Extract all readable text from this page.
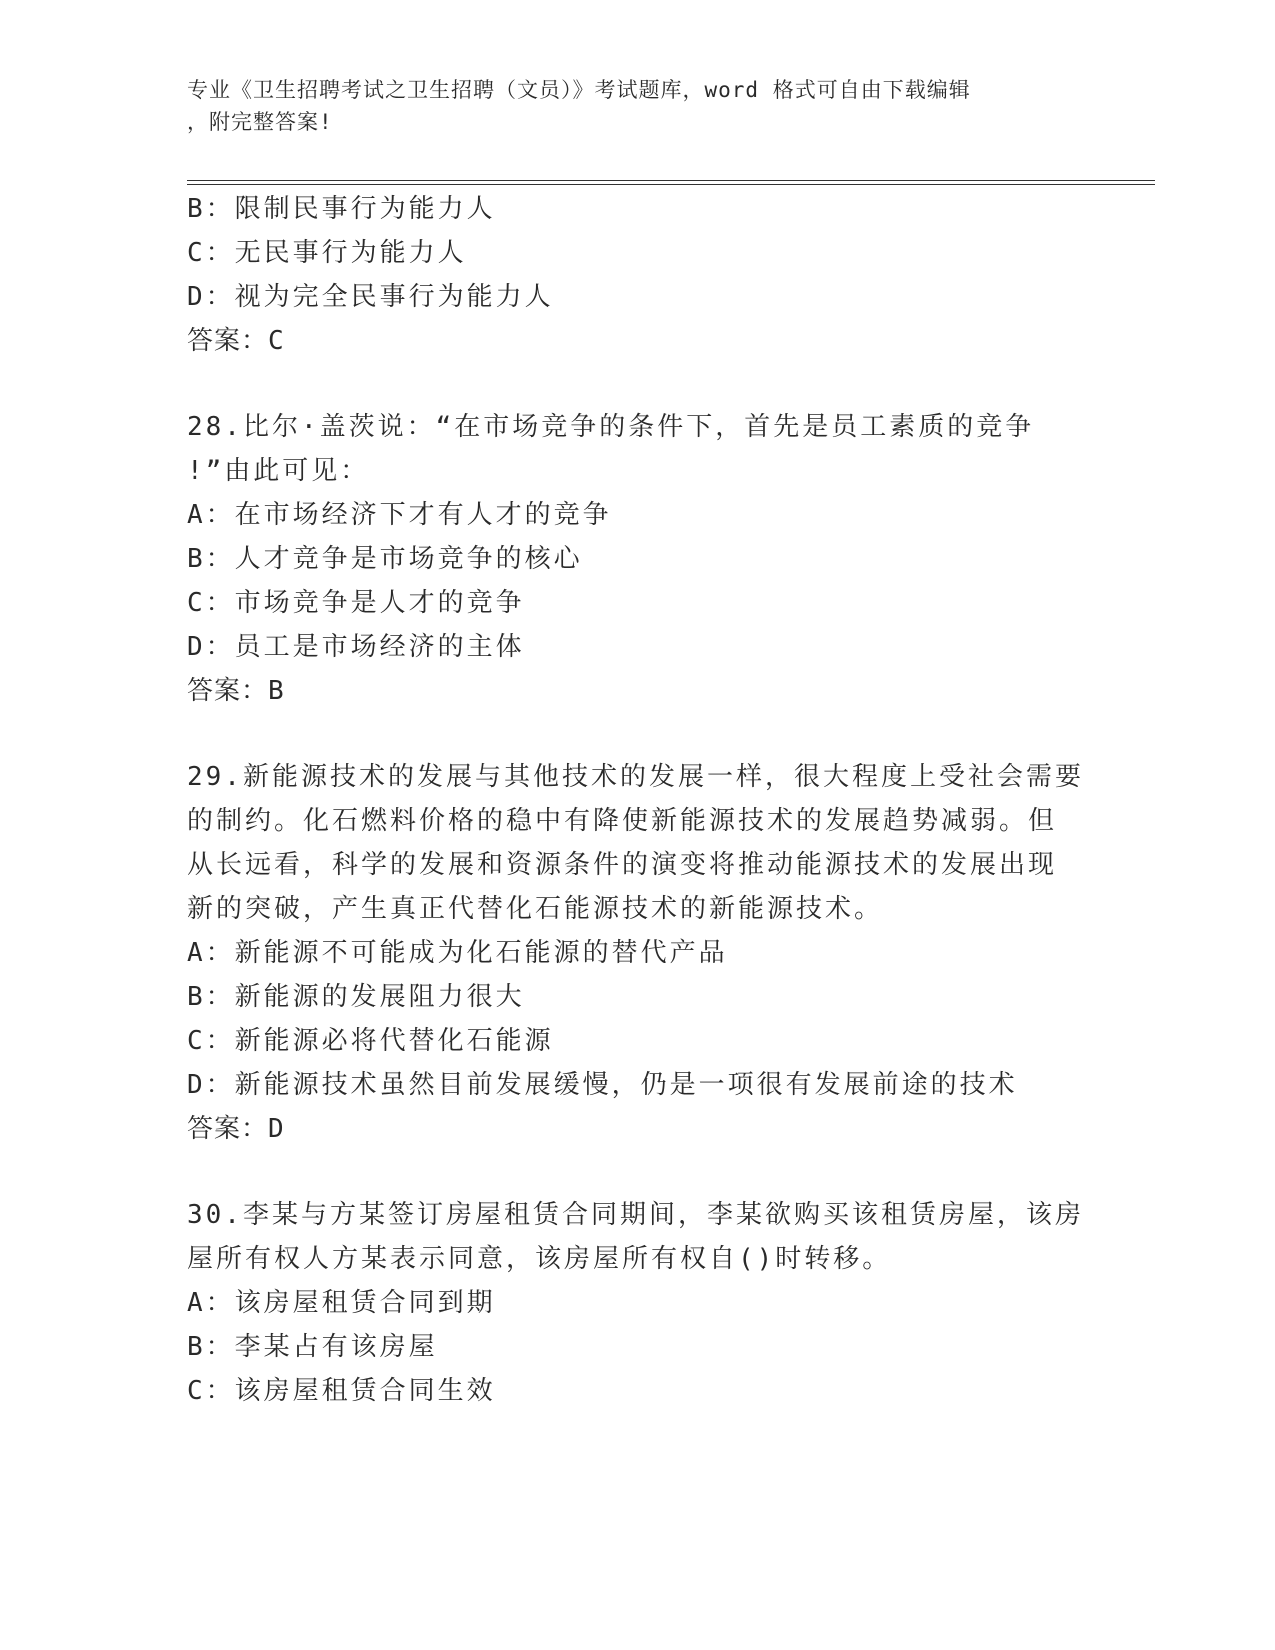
专业《卫生招聘考试之卫生招聘（文员）》考试题库，word 格式可自由下载编辑
，附完整答案!
B：限制民事行为能力人
C：无民事行为能力人
D：视为完全民事行为能力人
答案：C
28.比尔·盖茨说：“在市场竞争的条件下，首先是员工素质的竞争
!”由此可见：
A：在市场经济下才有人才的竞争
B：人才竞争是市场竞争的核心
C：市场竞争是人才的竞争
D：员工是市场经济的主体
答案：B
29.新能源技术的发展与其他技术的发展一样，很大程度上受社会需要
的制约。化石燃料价格的稳中有降使新能源技术的发展趋势减弱。但
从长远看，科学的发展和资源条件的演变将推动能源技术的发展出现
新的突破，产生真正代替化石能源技术的新能源技术。
A：新能源不可能成为化石能源的替代产品
B：新能源的发展阻力很大
C：新能源必将代替化石能源
D：新能源技术虽然目前发展缓慢，仍是一项很有发展前途的技术
答案：D
30.李某与方某签订房屋租赁合同期间，李某欲购买该租赁房屋，该房
屋所有权人方某表示同意，该房屋所有权自()时转移。
A：该房屋租赁合同到期
B：李某占有该房屋
C：该房屋租赁合同生效
